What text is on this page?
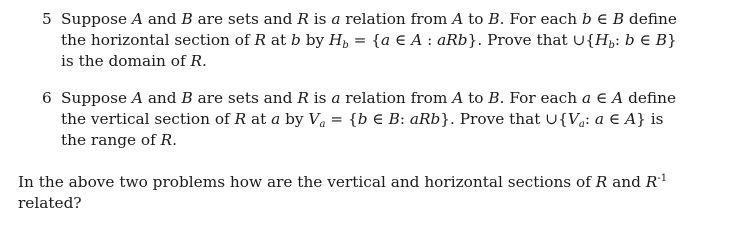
5 Suppose A and B are sets and R is a relation from A to B. For each b ∈ B define
the horizontal section of R at b by $H_b = \{a$ ∈ A : aRb}. Prove that $\cup\{H_b$: b ∈ B}
is the domain of R.
6 Suppose A and B are sets and R is a relation from A to B. For each a ∈ A define
the vertical section of R at a by $V_a = \{b$ ∈ B: aRb}. Prove that $\cup\{V_a$: a ∈ A} is
the range of R.
In the above two problems how are the vertical and horizontal sections of R and $R^{-1}$
related?
